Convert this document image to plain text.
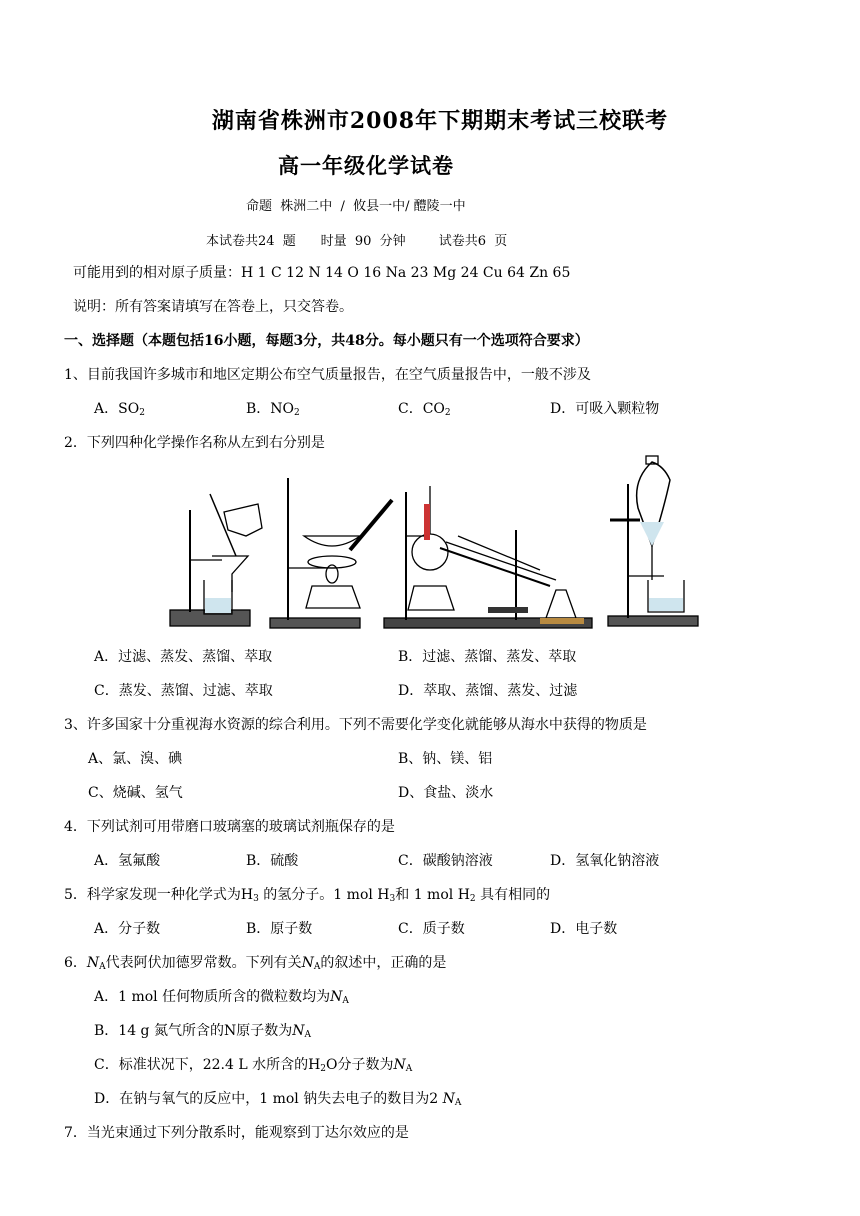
湖南省株洲市2008年下期期末考试三校联考
高一年级化学试卷
命题  株洲二中  /  攸县一中/ 醴陵一中
本试卷共24  题      时量  90  分钟        试卷共6  页
可能用到的相对原子质量：H 1 C 12 N 14 O 16 Na 23 Mg 24 Cu 64 Zn 65
说明：所有答案请填写在答卷上，只交答卷。
一、选择题（本题包括16小题，每题3分，共48分。每小题只有一个选项符合要求）
1、目前我国许多城市和地区定期公布空气质量报告，在空气质量报告中，一般不涉及
A．$SO_2$	B．$NO_2$	C．$CO_2$	D．可吸入颗粒物
2．下列四种化学操作名称从左到右分别是
A．过滤、蒸发、蒸馏、萃取	B．过滤、蒸馏、蒸发、萃取
C．蒸发、蒸馏、过滤、萃取	D．萃取、蒸馏、蒸发、过滤
3、许多国家十分重视海水资源的综合利用。下列不需要化学变化就能够从海水中获得的物质是
A、氯、溴、碘	B、钠、镁、铝
C、烧碱、氢气	D、食盐、淡水
4．下列试剂可用带磨口玻璃塞的玻璃试剂瓶保存的是
A．氢氟酸	B．硫酸	C．碳酸钠溶液	D．氢氧化钠溶液
5．科学家发现一种化学式为$H_3$ 的氢分子。1 mol $H_3$和 1 mol $H_2$ 具有相同的
A．分子数	B．原子数	C．质子数	D．电子数
6．$N_A$代表阿伏加德罗常数。下列有关$N_A$的叙述中，正确的是
A．1 mol 任何物质所含的微粒数均为$N_A$
B．14 g 氮气所含的N原子数为$N_A$
C．标准状况下，22.4 L 水所含的$H_2O$分子数为$N_A$
D．在钠与氧气的反应中，1 mol 钠失去电子的数目为2 $N_A$
7．当光束通过下列分散系时，能观察到丁达尔效应的是
